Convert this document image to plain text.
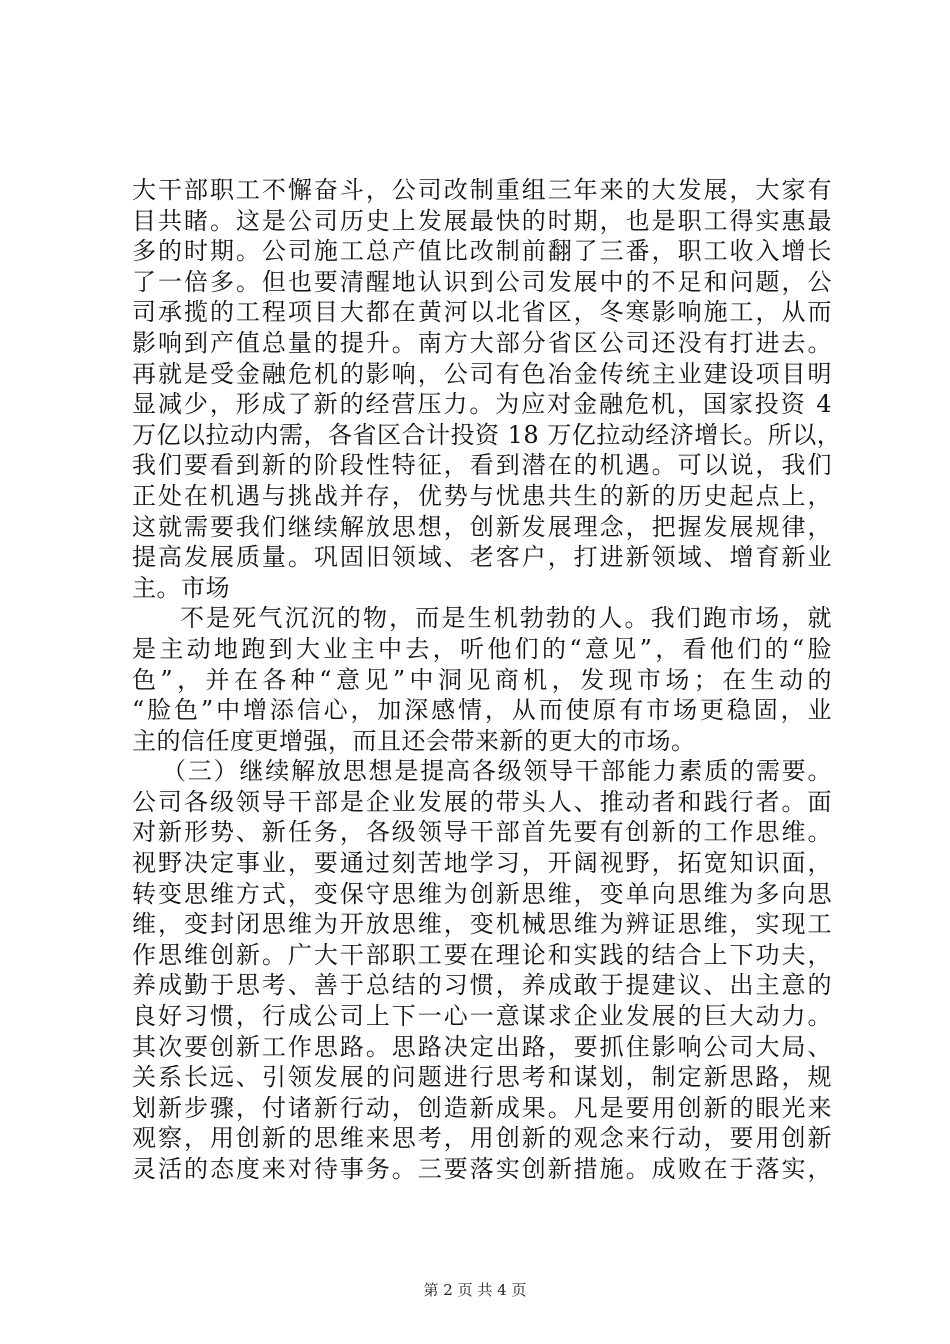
大干部职工不懈奋斗，公司改制重组三年来的大发展，大家有
目共睹。这是公司历史上发展最快的时期，也是职工得实惠最
多的时期。公司施工总产值比改制前翻了三番，职工收入增长
了一倍多。但也要清醒地认识到公司发展中的不足和问题，公
司承揽的工程项目大都在黄河以北省区，冬寒影响施工，从而
影响到产值总量的提升。南方大部分省区公司还没有打进去。
再就是受金融危机的影响，公司有色冶金传统主业建设项目明
显减少，形成了新的经营压力。为应对金融危机，国家投资 4
万亿以拉动内需，各省区合计投资 18 万亿拉动经济增长。所以，
我们要看到新的阶段性特征，看到潜在的机遇。可以说，我们
正处在机遇与挑战并存，优势与忧患共生的新的历史起点上，
这就需要我们继续解放思想，创新发展理念，把握发展规律，
提高发展质量。巩固旧领域、老客户，打进新领域、增育新业
主。市场
不是死气沉沉的物，而是生机勃勃的人。我们跑市场，就
是主动地跑到大业主中去，听他们的“意见”，看他们的“脸
色”，并在各种“意见”中洞见商机，发现市场；在生动的
“脸色”中增添信心，加深感情，从而使原有市场更稳固，业
主的信任度更增强，而且还会带来新的更大的市场。
（三）继续解放思想是提高各级领导干部能力素质的需要。
公司各级领导干部是企业发展的带头人、推动者和践行者。面
对新形势、新任务，各级领导干部首先要有创新的工作思维。
视野决定事业，要通过刻苦地学习，开阔视野，拓宽知识面，
转变思维方式，变保守思维为创新思维，变单向思维为多向思
维，变封闭思维为开放思维，变机械思维为辨证思维，实现工
作思维创新。广大干部职工要在理论和实践的结合上下功夫，
养成勤于思考、善于总结的习惯，养成敢于提建议、出主意的
良好习惯，行成公司上下一心一意谋求企业发展的巨大动力。
其次要创新工作思路。思路决定出路，要抓住影响公司大局、
关系长远、引领发展的问题进行思考和谋划，制定新思路，规
划新步骤，付诸新行动，创造新成果。凡是要用创新的眼光来
观察，用创新的思维来思考，用创新的观念来行动，要用创新
灵活的态度来对待事务。三要落实创新措施。成败在于落实，
第 2 页 共 4 页
